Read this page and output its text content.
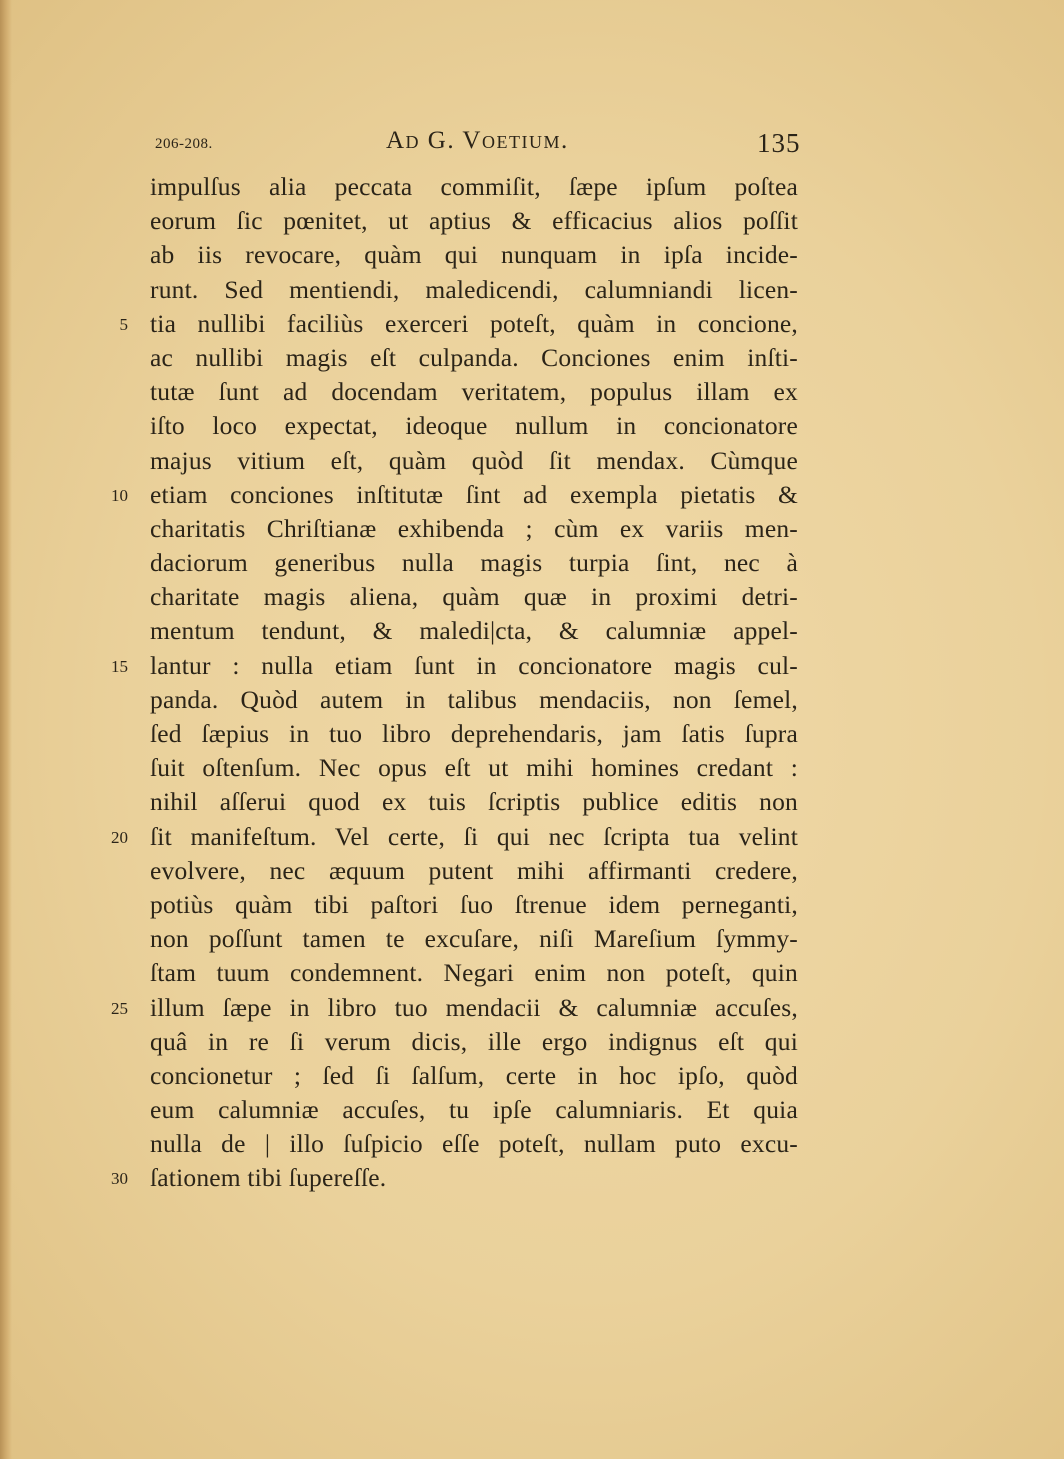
206-208.	Ad G. Voetium.	135
impulſus alia peccata commiſit, ſæpe ipſum poſtea
eorum ſic pœnitet, ut aptius & efficacius alios poſſit
ab iis revocare, quàm qui nunquam in ipſa incide-
runt. Sed mentiendi, maledicendi, calumniandi licen-
5 tia nullibi faciliùs exerceri poteſt, quàm in concione,
ac nullibi magis eſt culpanda. Conciones enim inſti-
tutæ ſunt ad docendam veritatem, populus illam ex
iſto loco expectat, ideoque nullum in concionatore
majus vitium eſt, quàm quòd ſit mendax. Cùmque
10 etiam conciones inſtitutæ ſint ad exempla pietatis &
charitatis Chriſtianæ exhibenda ; cùm ex variis men-
daciorum generibus nulla magis turpia ſint, nec à
charitate magis aliena, quàm quæ in proximi detri-
mentum tendunt, & maledi|cta, & calumniæ appel-
15 lantur : nulla etiam ſunt in concionatore magis cul-
panda. Quòd autem in talibus mendaciis, non ſemel,
ſed ſæpius in tuo libro deprehendaris, jam ſatis ſupra
ſuit oſtenſum. Nec opus eſt ut mihi homines credant :
nihil aſſerui quod ex tuis ſcriptis publice editis non
20 ſit manifeſtum. Vel certe, ſi qui nec ſcripta tua velint
evolvere, nec æquum putent mihi affirmanti credere,
potiùs quàm tibi paſtori ſuo ſtrenue idem perneganti,
non poſſunt tamen te excuſare, niſi Mareſium ſymmy-
ſtam tuum condemnent. Negari enim non poteſt, quin
25 illum ſæpe in libro tuo mendacii & calumniæ accuſes,
quâ in re ſi verum dicis, ille ergo indignus eſt qui
concionetur ; ſed ſi ſalſum, certe in hoc ipſo, quòd
eum calumniæ accuſes, tu ipſe calumniaris. Et quia
nulla de | illo ſuſpicio eſſe poteſt, nullam puto excu-
30 ſationem tibi ſupereſſe.
